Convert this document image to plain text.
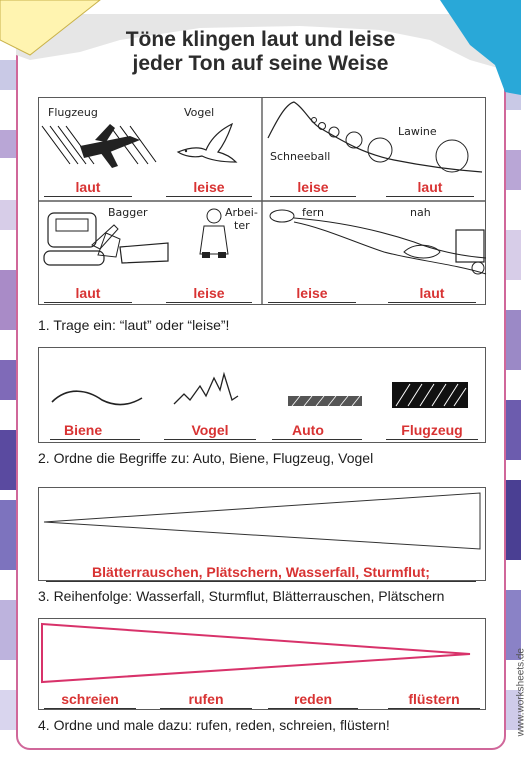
Töne klingen laut und leise
jeder Ton auf seine Weise
Flugzeug	Vogel
laut	leise
Schneeball
Lawine
leise	laut
Bagger	Arbei-
ter
laut	leise
fern	nah
leise	laut
1. Trage ein: “laut” oder “leise”!
Biene	Vogel	Auto	Flugzeug
2. Ordne die Begriffe zu: Auto, Biene, Flugzeug, Vogel
Blätterrauschen, Plätschern, Wasserfall, Sturmflut;
3. Reihenfolge: Wasserfall, Sturmflut, Blätterrauschen, Plätschern
schreien	rufen	reden	flüstern
4. Ordne und male dazu: rufen, reden, schreien, flüstern!	www.worksheets.de
